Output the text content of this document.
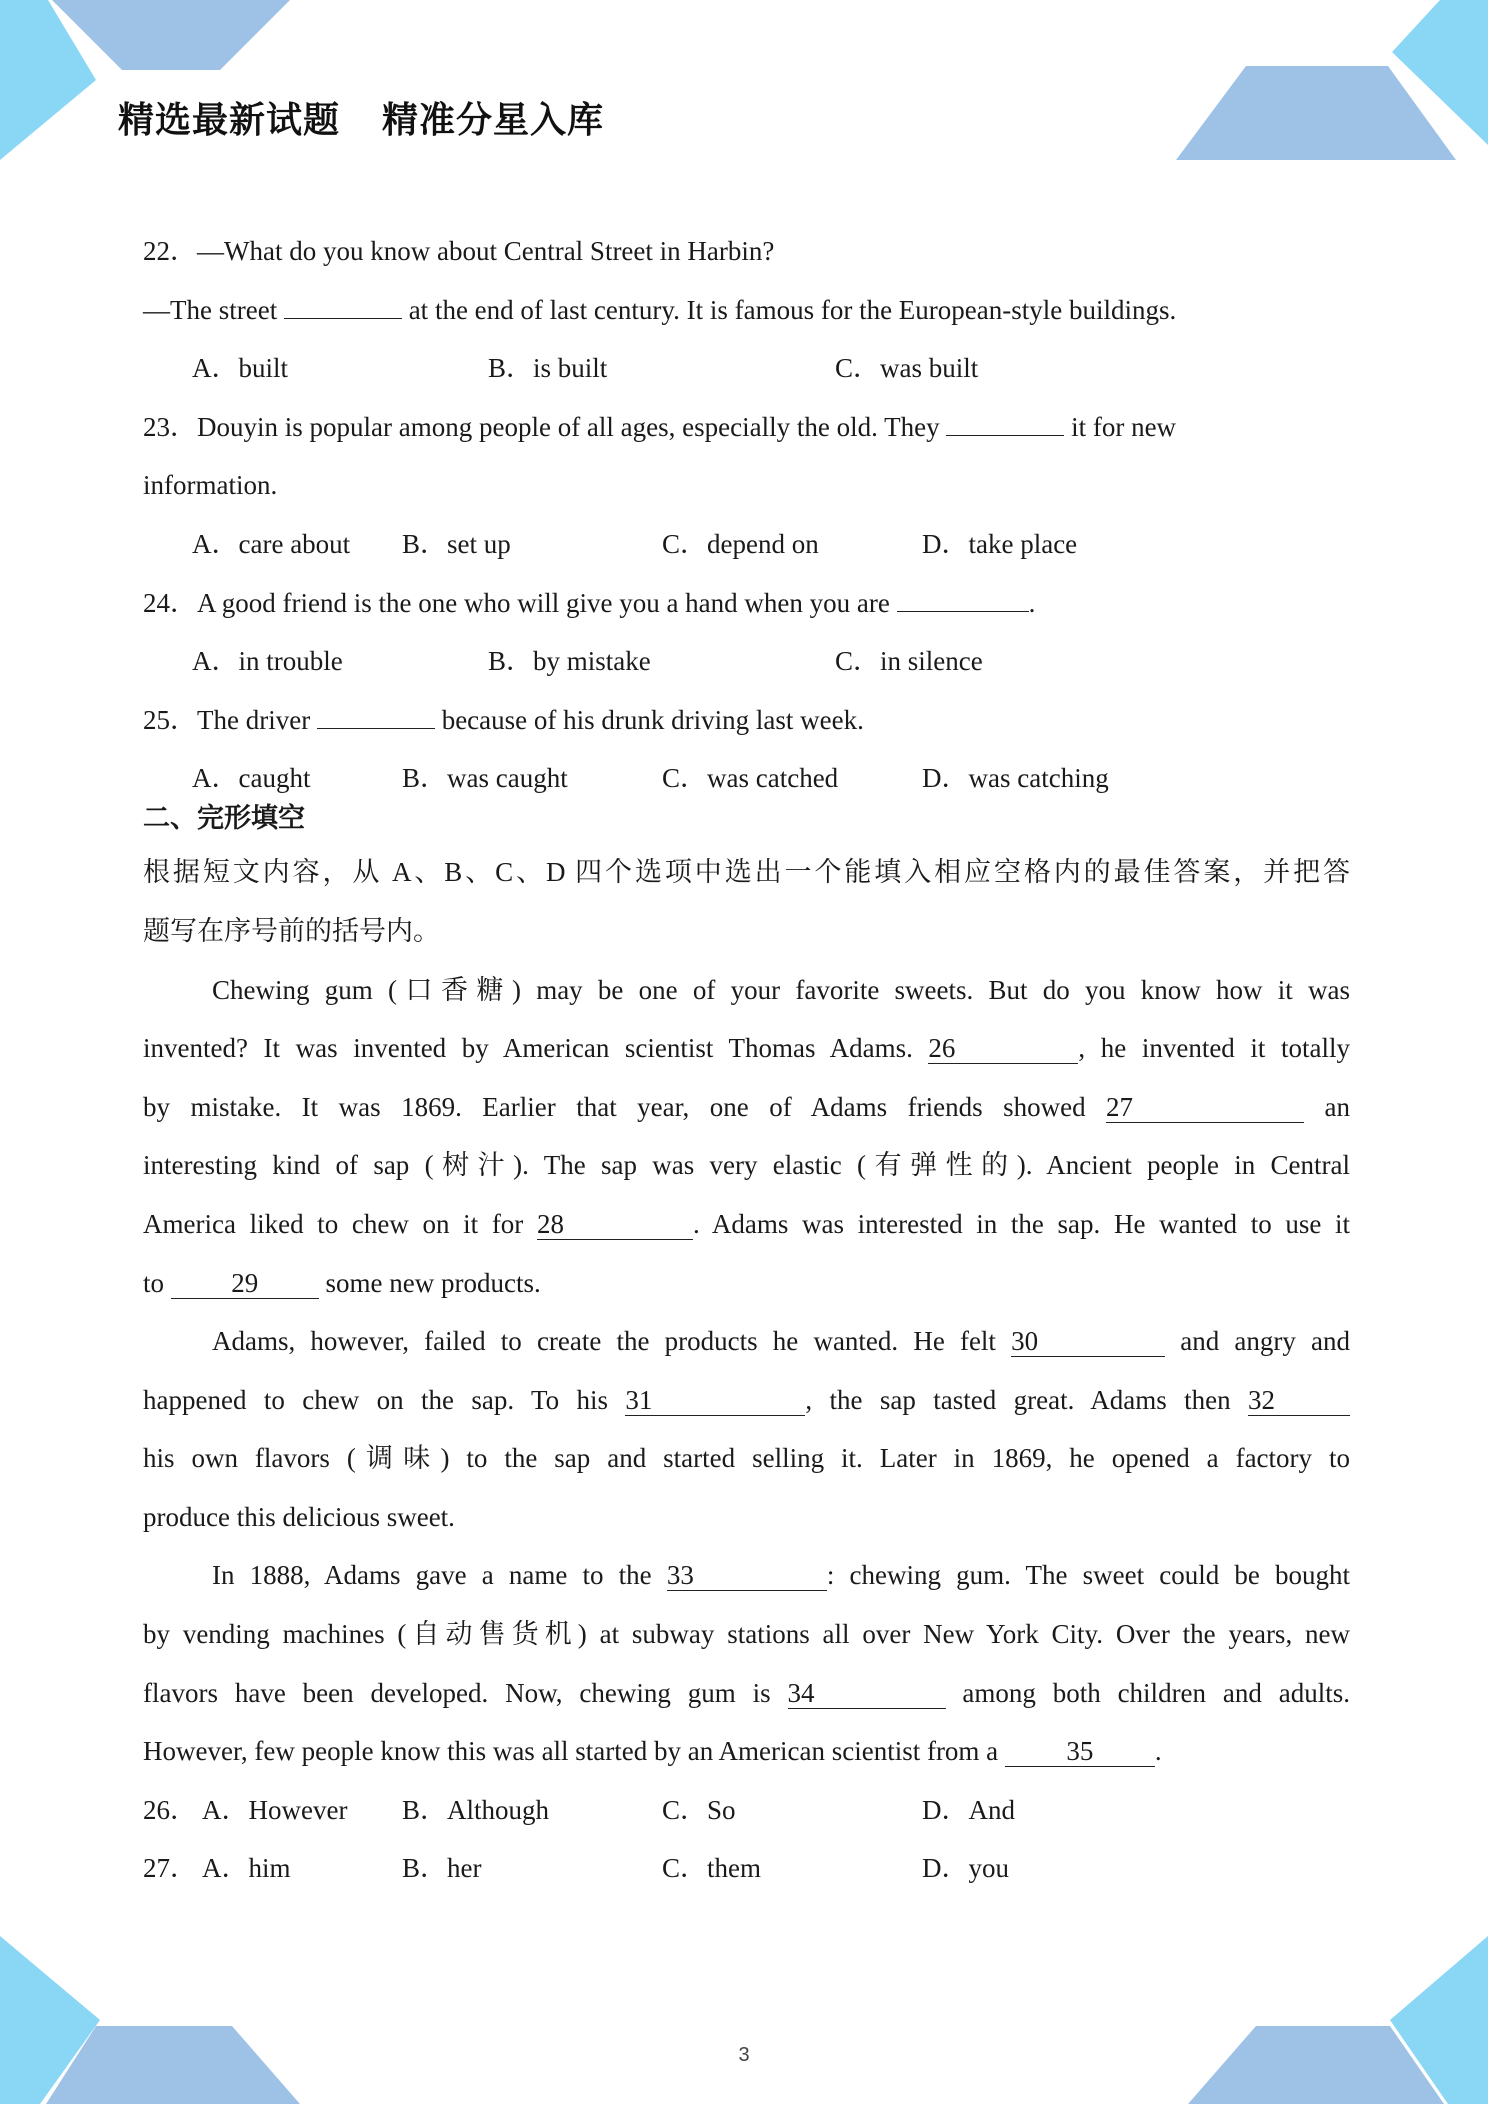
精选最新试题 精准分星入库
22．—What do you know about Central Street in Harbin?
—The street	at the end of last century. It is famous for the European-style buildings.
A．built	B．is built	C．was built
23．Douyin is popular among people of all ages, especially the old. They	it for new
information.
A．care about B．set up	C．depend on	D．take place
24．A good friend is the one who will give you a hand when you are	.
A．in trouble	B．by mistake	C．in silence
25．The driver	because of his drunk driving last week.
A．caught	B．was caught	C．was catched	D．was catching
二、完形填空
根据短文内容，从 A、B、C、D 四个选项中选出一个能填入相应空格内的最佳答案，并把答
题写在序号前的括号内。
Chewing gum (口香糖) may be one of your favorite sweets. But do you know how it was
invented? It was invented by American scientist Thomas Adams. 26	, he invented it totally
by mistake. It was 1869. Earlier that year, one of Adams friends showed 27	an
interesting kind of sap (树汁). The sap was very elastic (有弹性的). Ancient people in Central
America liked to chew on it for 28	. Adams was interested in the sap. He wanted to use it
to 29 some new products.
Adams, however, failed to create the products he wanted. He felt 30	and angry and
happened to chew on the sap. To his 31	, the sap tasted great. Adams then 32
his own flavors (调味) to the sap and started selling it. Later in 1869, he opened a factory to
produce this delicious sweet.
In 1888, Adams gave a name to the 33	: chewing gum. The sweet could be bought
by vending machines (自动售货机) at subway stations all over New York City. Over the years, new
flavors have been developed. Now, chewing gum is 34	among both children and adults.
However, few people know this was all started by an American scientist from a 35 .
26． A．However B．Although	C．So	D．And
27． A．him	B．her	C．them	D．you
3
